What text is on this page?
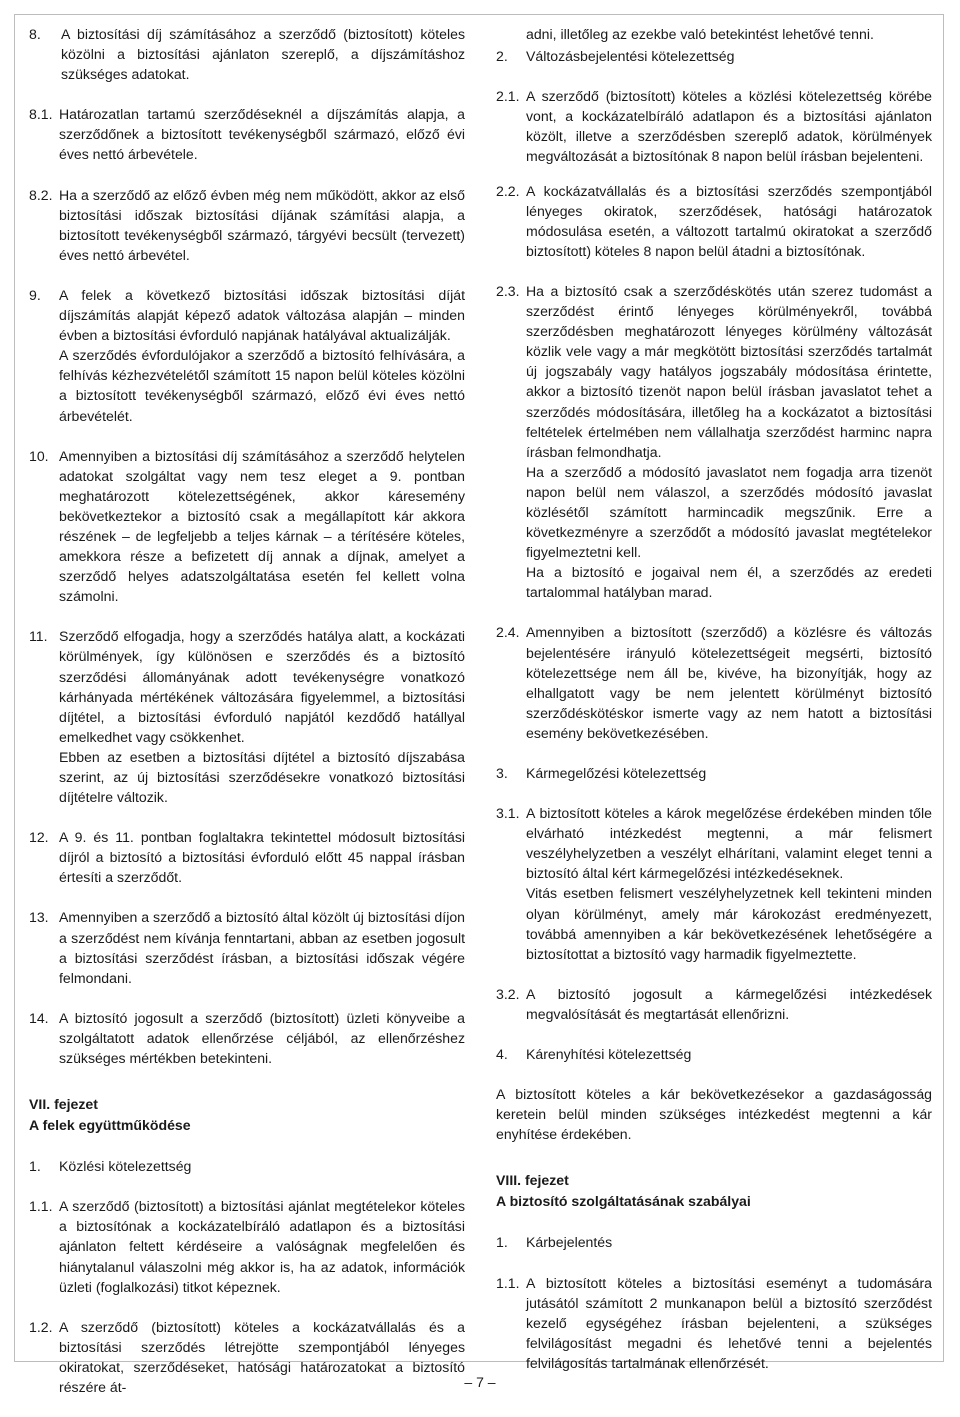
8.	A biztosítási díj számításához a szerződő (biztosított) köteles közölni a biztosítási ajánlaton szereplő, a díjszámításhoz szükséges adatokat.

8.1. Határozatlan tartamú szerződéseknél a díjszámítás alapja, a szerződőnek a biztosított tevékenységből származó, előző évi éves nettó árbevétele.

8.2. Ha a szerződő az előző évben még nem működött, akkor az első biztosítási időszak biztosítási díjának számítási alapja, a biztosított tevékenységből származó, tárgyévi becsült (tervezett) éves nettó árbevétel.

9.	A felek a következő biztosítási időszak biztosítási díját díjszámítás alapját képező adatok változása alapján – minden évben a biztosítási évforduló napjának hatályával aktualizálják.

A szerződés évfordulójakor a szerződő a biztosító felhívására, a felhívás kézhezvételétől számított 15 napon belül köteles közölni a biztosított tevékenységből származó, előző évi éves nettó árbevételét.

10. Amennyiben a biztosítási díj számításához a szerződő helytelen adatokat szolgáltat vagy nem tesz eleget a 9. pontban meghatározott kötelezettségének, akkor káresemény bekövetkeztekor a biztosító csak a megállapított kár akkora részének – de legfeljebb a teljes kárnak – a térítésére köteles, amekkora része a befizetett díj annak a díjnak, amelyet a szerződő helyes adatszolgáltatása esetén fel kellett volna számolni.

11. Szerződő elfogadja, hogy a szerződés hatálya alatt, a kockázati körülmények, így különösen e szerződés és a biztosító szerződési állományának adott tevékenységre vonatkozó kárhányada mértékének változására figyelemmel, a biztosítási díjtétel, a biztosítási évforduló napjától kezdődő hatállyal emelkedhet vagy csökkenhet.

Ebben az esetben a biztosítási díjtétel a biztosító díjszabása szerint, az új biztosítási szerződésekre vonatkozó biztosítási díjtételre változik.

12. A 9. és 11. pontban foglaltakra tekintettel módosult biztosítási díjról a biztosító a biztosítási évforduló előtt 45 nappal írásban értesíti a szerződőt.

13. Amennyiben a szerződő a biztosító által közölt új biztosítási díjon a szerződést nem kívánja fenntartani, abban az esetben jogosult a biztosítási szerződést írásban, a biztosítási időszak végére felmondani.

14. A biztosító jogosult a szerződő (biztosított) üzleti könyveibe a szolgáltatott adatok ellenőrzése céljából, az ellenőrzéshez szükséges mértékben betekinteni.

VII. fejezet
A felek együttműködése
1.	Közlési kötelezettség
1.1. A szerződő (biztosított) a biztosítási ajánlat megtételekor köteles a biztosítónak a kockázatelbíráló adatlapon és a biztosítási ajánlaton feltett kérdéseire a valóságnak megfelelően és hiánytalanul válaszolni még akkor is, ha az adatok, információk üzleti (foglalkozási) titkot képeznek.

1.2. A szerződő (biztosított) köteles a kockázatvállalás és a biztosítási szerződés létrejötte szempontjából lényeges okiratokat, szerződéseket, hatósági határozatokat a biztosító részére át-

adni, illetőleg az ezekbe való betekintést lehetővé tenni.
2.	Változásbejelentési kötelezettség
2.1. A szerződő (biztosított) köteles a közlési kötelezettség körébe vont, a kockázatelbíráló adatlapon és a biztosítási ajánlaton közölt, illetve a szerződésben szereplő adatok, körülmények megváltozását a biztosítónak 8 napon belül írásban bejelenteni.

2.2. A kockázatvállalás és a biztosítási szerződés szempontjából lényeges okiratok, szerződések, hatósági határozatok módosulása esetén, a változott tartalmú okiratokat a szerződő biztosított) köteles 8 napon belül átadni a biztosítónak.

2.3. Ha a biztosító csak a szerződéskötés után szerez tudomást a szerződést érintő lényeges körülményekről, továbbá szerződésben meghatározott lényeges körülmény változását közlik vele vagy a már megkötött biztosítási szerződés tartalmát új jogszabály vagy hatályos jogszabály módosítása érintette, akkor a biztosító tizenöt napon belül írásban javaslatot tehet a szerződés módosítására, illetőleg ha a kockázatot a biztosítási feltételek értelmében nem vállalhatja szerződést harminc napra írásban felmondhatja.

Ha a szerződő a módosító javaslatot nem fogadja arra tizenöt napon belül nem válaszol, a szerződés módosító javaslat közlésétől számított harmincadik megszűnik. Erre a következményre a szerződőt a módosító javaslat megtételekor figyelmeztetni kell.

Ha a biztosító e jogaival nem él, a szerződés az eredeti tartalommal hatályban marad.

2.4. Amennyiben a biztosított (szerződő) a közlésre és változás bejelentésére irányuló kötelezettségeit megsérti, biztosító kötelezettsége nem áll be, kivéve, ha bizonyítják, hogy az elhallgatott vagy be nem jelentett körülményt biztosító szerződéskötéskor ismerte vagy az nem hatott a biztosítási esemény bekövetkezésében.

3.	Kármegelőzési kötelezettség
3.1. A biztosított köteles a károk megelőzése érdekében minden tőle elvárható intézkedést megtenni, a már felismert veszélyhelyzetben a veszélyt elhárítani, valamint eleget tenni a biztosító által kért kármegelőzési intézkedéseknek.

Vitás esetben felismert veszélyhelyzetnek kell tekinteni minden olyan körülményt, amely már károkozást eredményezett, továbbá amennyiben a kár bekövetkezésének lehetőségére a biztosítottat a biztosító vagy harmadik figyelmeztette.

3.2. A biztosító jogosult a kármegelőzési intézkedések megvalósítását és megtartását ellenőrizni.

4.	Kárenyhítési kötelezettség
A biztosított köteles a kár bekövetkezésekor a gazdaságosság keretein belül minden szükséges intézkedést megtenni a kár enyhítése érdekében.
VIII. fejezet
A biztosító szolgáltatásának szabályai
1.	Kárbejelentés
1.1. A biztosított köteles a biztosítási eseményt a tudomására jutásától számított 2 munkanapon belül a biztosító szerződést kezelő egységéhez írásban bejelenteni, a szükséges felvilágosítást megadni és lehetővé tenni a bejelentés felvilágosítás tartalmának ellenőrzését.

– 7 –
